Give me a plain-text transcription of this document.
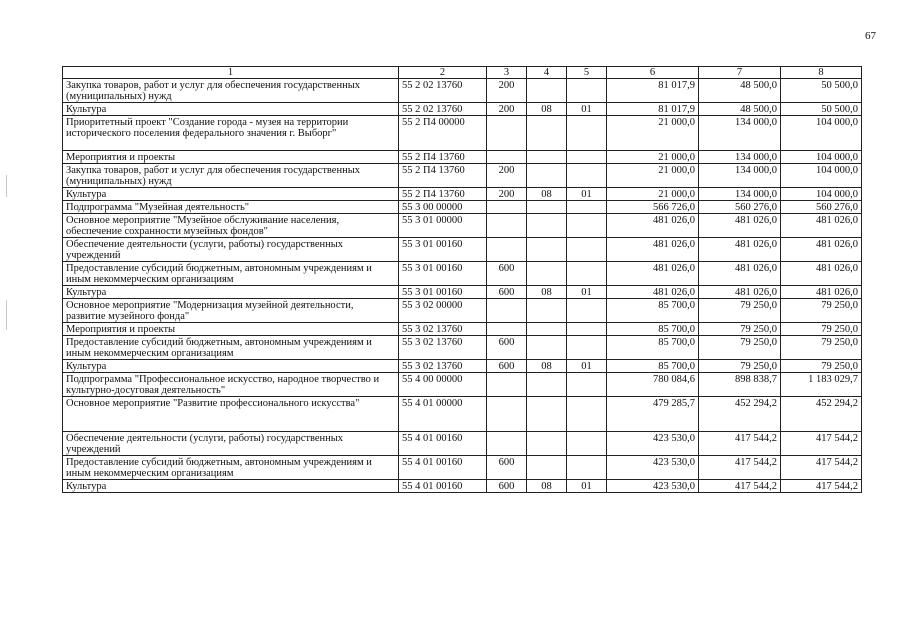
67
1	2	3	4	5	6	7	8
Закупка товаров, работ и услуг для обеспечения государственных (муниципальных) нужд	55 2 02 13760	200			81 017,9	48 500,0	50 500,0
Культура	55 2 02 13760	200	08	01	81 017,9	48 500,0	50 500,0
Приоритетный проект "Создание города - музея на территории исторического поселения федерального значения г. Выборг"	55 2 П4 00000				21 000,0	134 000,0	104 000,0
Мероприятия и проекты	55 2 П4 13760				21 000,0	134 000,0	104 000,0
Закупка товаров, работ и услуг для обеспечения государственных (муниципальных) нужд	55 2 П4 13760	200			21 000,0	134 000,0	104 000,0
Культура	55 2 П4 13760	200	08	01	21 000,0	134 000,0	104 000,0
Подпрограмма "Музейная деятельность"	55 3 00 00000				566 726,0	560 276,0	560 276,0
Основное мероприятие "Музейное обслуживание населения, обеспечение сохранности музейных фондов"	55 3 01 00000				481 026,0	481 026,0	481 026,0
Обеспечение деятельности (услуги, работы) государственных учреждений	55 3 01 00160				481 026,0	481 026,0	481 026,0
Предоставление субсидий бюджетным, автономным учреждениям и иным некоммерческим организациям	55 3 01 00160	600			481 026,0	481 026,0	481 026,0
Культура	55 3 01 00160	600	08	01	481 026,0	481 026,0	481 026,0
Основное мероприятие "Модернизация музейной деятельности, развитие музейного фонда"	55 3 02 00000				85 700,0	79 250,0	79 250,0
Мероприятия и проекты	55 3 02 13760				85 700,0	79 250,0	79 250,0
Предоставление субсидий бюджетным, автономным учреждениям и иным некоммерческим организациям	55 3 02 13760	600			85 700,0	79 250,0	79 250,0
Культура	55 3 02 13760	600	08	01	85 700,0	79 250,0	79 250,0
Подпрограмма "Профессиональное искусство, народное творчество и культурно-досуговая деятельность"	55 4 00 00000				780 084,6	898 838,7	1 183 029,7
Основное мероприятие "Развитие профессионального искусства"	55 4 01 00000				479 285,7	452 294,2	452 294,2
Обеспечение деятельности (услуги, работы) государственных учреждений	55 4 01 00160				423 530,0	417 544,2	417 544,2
Предоставление субсидий бюджетным, автономным учреждениям и иным некоммерческим организациям	55 4 01 00160	600			423 530,0	417 544,2	417 544,2
Культура	55 4 01 00160	600	08	01	423 530,0	417 544,2	417 544,2
